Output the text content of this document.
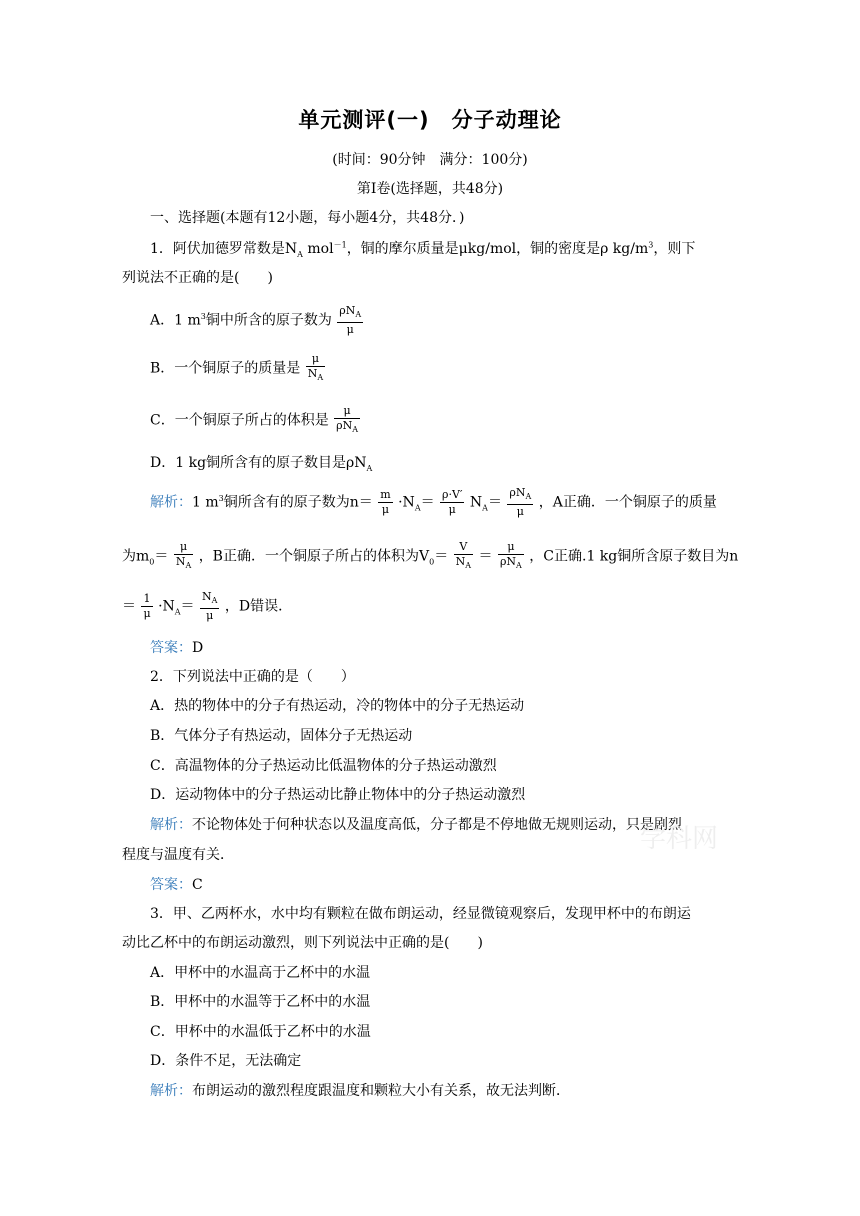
单元测评(一)　分子动理论
(时间：90分钟　满分：100分)
第Ⅰ卷(选择题，共48分)
一、选择题(本题有12小题，每小题4分，共48分．)
1．阿伏加德罗常数是$N_A$ mol$^{-1}$，铜的摩尔质量是μkg/mol，铜的密度是ρ $kg/m^3$，则下
列说法不正确的是(　　)
A．1 $m^3$铜中所含的原子数为 $\frac{\rho N_A}{\mu}$
B．一个铜原子的质量是 $\frac{\mu}{N_A}$
C．一个铜原子所占的体积是 $\frac{\mu}{\rho N_A}$
D．1 kg铜所含有的原子数目是$\rho N_A$
解析：1 $m^3$铜所含有的原子数为$n= \frac{m}{\mu} \cdot N_A= \frac{\rho\cdot V'}{\mu} N_A= \frac{\rho N_A}{\mu}$ ，A正确．一个铜原子的质量
为$m_0= \frac{\mu}{N_A}$ ，B正确．一个铜原子所占的体积为$V_0= \frac{V}{N_A} = \frac{\mu}{\rho N_A}$ ，C正确.1 kg铜所含原子数目为n
＝ $\frac{1}{\mu} \cdot N_A= \frac{N_A}{\mu}$ ，D错误．
答案：D
2．下列说法中正确的是（　　）
A．热的物体中的分子有热运动，冷的物体中的分子无热运动
B．气体分子有热运动，固体分子无热运动
C．高温物体的分子热运动比低温物体的分子热运动激烈
D．运动物体中的分子热运动比静止物体中的分子热运动激烈
解析：不论物体处于何种状态以及温度高低，分子都是不停地做无规则运动，只是剧烈
程度与温度有关．
答案：C
3．甲、乙两杯水，水中均有颗粒在做布朗运动，经显微镜观察后，发现甲杯中的布朗运
动比乙杯中的布朗运动激烈，则下列说法中正确的是(　　)
A．甲杯中的水温高于乙杯中的水温
B．甲杯中的水温等于乙杯中的水温
C．甲杯中的水温低于乙杯中的水温
D．条件不足，无法确定
解析：布朗运动的激烈程度跟温度和颗粒大小有关系，故无法判断．
学科网
